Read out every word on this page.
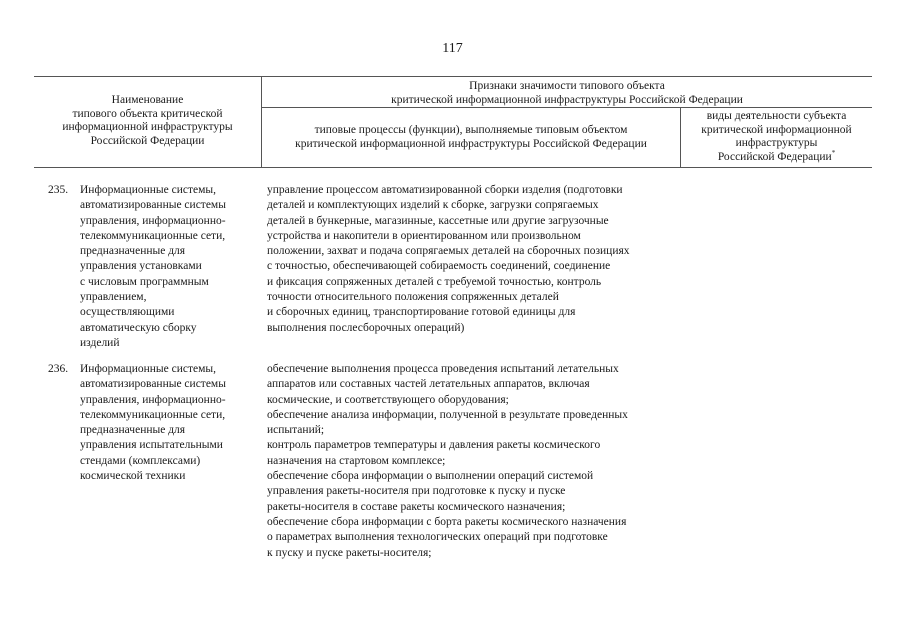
117
Наименование
типового объекта критической
информационной инфраструктуры
Российской Федерации
Признаки значимости типового объекта
критической информационной инфраструктуры Российской Федерации
типовые процессы (функции), выполняемые типовым объектом
критической информационной инфраструктуры Российской Федерации
виды деятельности субъекта
критической информационной
инфраструктуры
Российской Федерации*
235. Информационные системы,
автоматизированные системы
управления, информационно-
телекоммуникационные сети,
предназначенные для
управления установками
с числовым программным
управлением,
осуществляющими
автоматическую сборку
изделий
управление процессом автоматизированной сборки изделия (подготовки
деталей и комплектующих изделий к сборке, загрузки сопрягаемых
деталей в бункерные, магазинные, кассетные или другие загрузочные
устройства и накопители в ориентированном или произвольном
положении, захват и подача сопрягаемых деталей на сборочных позициях
с точностью, обеспечивающей собираемость соединений, соединение
и фиксация сопряженных деталей с требуемой точностью, контроль
точности относительного положения сопряженных деталей
и сборочных единиц, транспортирование готовой единицы для
выполнения послесборочных операций)
236. Информационные системы,
автоматизированные системы
управления, информационно-
телекоммуникационные сети,
предназначенные для
управления испытательными
стендами (комплексами)
космической техники
обеспечение выполнения процесса проведения испытаний летательных
аппаратов или составных частей летательных аппаратов, включая
космические, и соответствующего оборудования;
обеспечение анализа информации, полученной в результате проведенных
испытаний;
контроль параметров температуры и давления ракеты космического
назначения на стартовом комплексе;
обеспечение сбора информации о выполнении операций системой
управления ракеты-носителя при подготовке к пуску и пуске
ракеты-носителя в составе ракеты космического назначения;
обеспечение сбора информации с борта ракеты космического назначения
о параметрах выполнения технологических операций при подготовке
к пуску и пуске ракеты-носителя;
